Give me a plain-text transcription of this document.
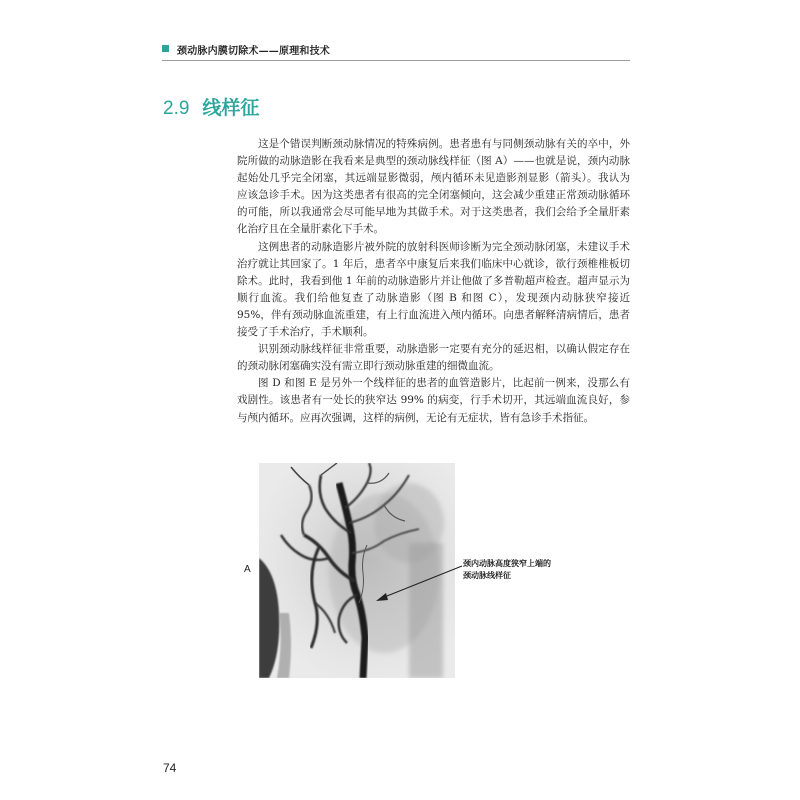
颈动脉内膜切除术——原理和技术
2.9 线样征

这是个错误判断颈动脉情况的特殊病例。患者患有与同侧颈动脉有关的卒中，外院所做的动脉造影在我看来是典型的颈动脉线样征（图 A）——也就是说，颈内动脉起始处几乎完全闭塞，其远端显影微弱，颅内循环未见造影剂显影（箭头）。我认为应该急诊手术。因为这类患者有很高的完全闭塞倾向，这会减少重建正常颈动脉循环的可能，所以我通常会尽可能早地为其做手术。对于这类患者，我们会给予全量肝素化治疗且在全量肝素化下手术。

这例患者的动脉造影片被外院的放射科医师诊断为完全颈动脉闭塞，未建议手术治疗就让其回家了。1 年后，患者卒中康复后来我们临床中心就诊，欲行颈椎椎板切除术。此时，我看到他 1 年前的动脉造影片并让他做了多普勒超声检查。超声显示为顺行血流。我们给他复查了动脉造影（图 B 和图 C），发现颈内动脉狭窄接近 95%，伴有颈动脉血流重建，有上行血流进入颅内循环。向患者解释清病情后，患者接受了手术治疗，手术顺利。

识别颈动脉线样征非常重要，动脉造影一定要有充分的延迟相，以确认假定存在的颈动脉闭塞确实没有需立即行颈动脉重建的细微血流。

图 D 和图 E 是另外一个线样征的患者的血管造影片，比起前一例来，没那么有戏剧性。该患者有一处长的狭窄达 99% 的病变，行手术切开，其远端血流良好，参与颅内循环。应再次强调，这样的病例，无论有无症状，皆有急诊手术指征。

A
颈内动脉高度狭窄上端的
颈动脉线样征
74
